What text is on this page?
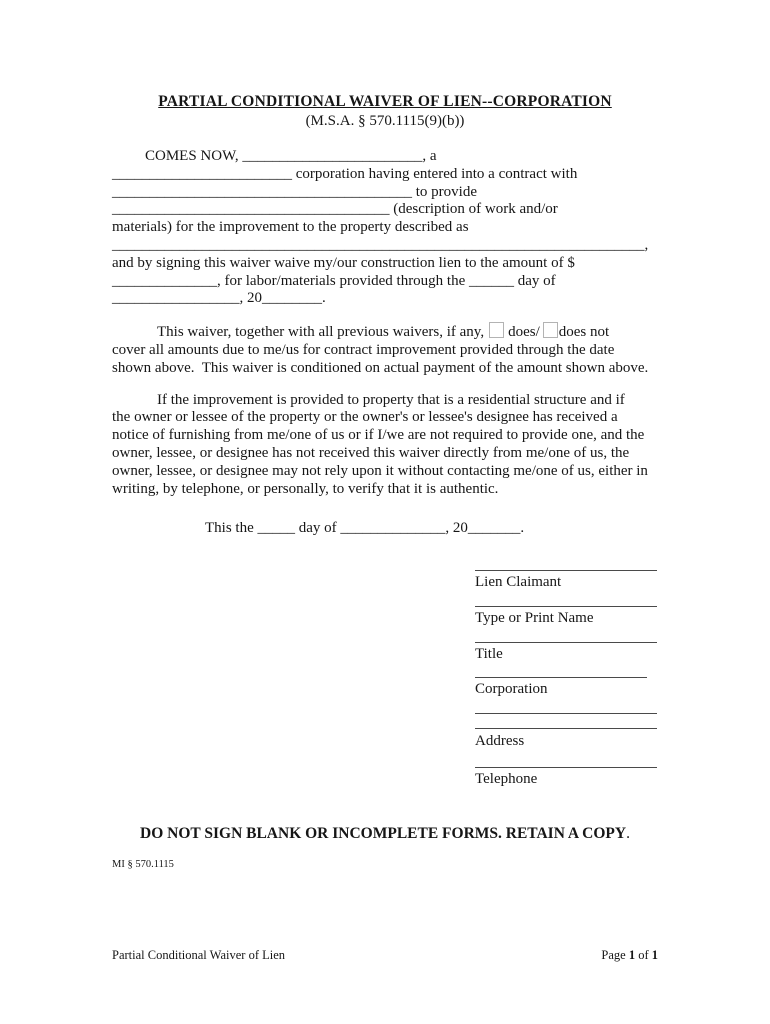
PARTIAL CONDITIONAL WAIVER OF LIEN--CORPORATION
(M.S.A. § 570.1115(9)(b))
COMES NOW, ________________________, a
________________________ corporation having entered into a contract with
________________________________________ to provide
_____________________________________ (description of work and/or
materials) for the improvement to the property described as
_______________________________________________________________________,
and by signing this waiver waive my/our construction lien to the amount of $
______________, for labor/materials provided through the ______ day of
_________________, 20________.
This waiver, together with all previous waivers, if any, does/ does not
cover all amounts due to me/us for contract improvement provided through the date
shown above.  This waiver is conditioned on actual payment of the amount shown above.
If the improvement is provided to property that is a residential structure and if
the owner or lessee of the property or the owner's or lessee's designee has received a
notice of furnishing from me/one of us or if I/we are not required to provide one, and the
owner, lessee, or designee has not received this waiver directly from me/one of us, the
owner, lessee, or designee may not rely upon it without contacting me/one of us, either in
writing, by telephone, or personally, to verify that it is authentic.
This the _____ day of ______________, 20_______.
Lien Claimant
Type or Print Name
Title
Corporation
Address
Telephone
DO NOT SIGN BLANK OR INCOMPLETE FORMS. RETAIN A COPY.
MI § 570.1115
Partial Conditional Waiver of Lien	Page 1 of 1
